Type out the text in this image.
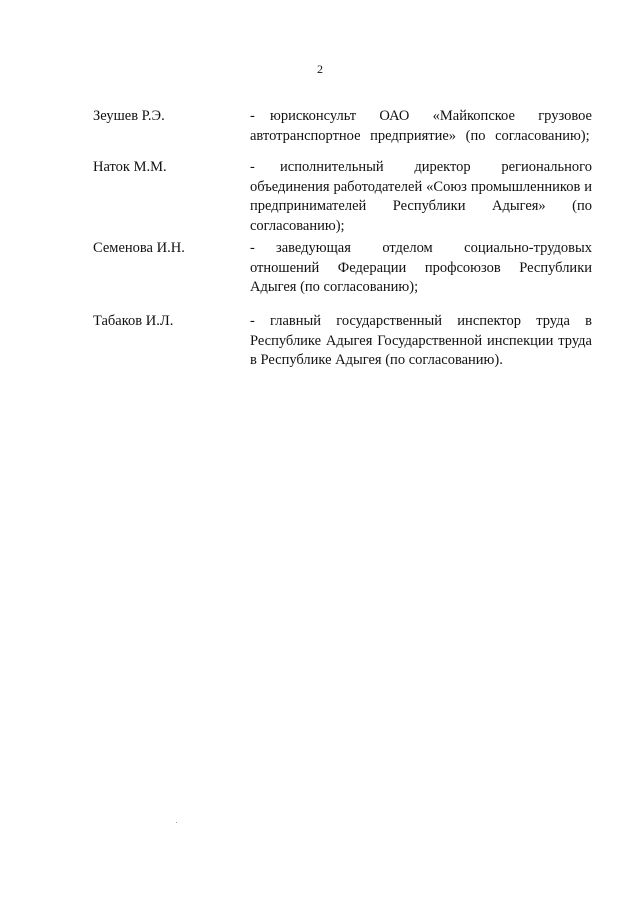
2
Зеушев Р.Э.	- юрисконсульт ОАО «Майкопское грузовое автотранспортное предприятие» (по согласованию);
Наток М.М.	- исполнительный директор регионального объединения работодателей «Союз промышленников и предпринимателей Республики Адыгея» (по согласованию);
Семенова И.Н.	- заведующая отделом социально-трудовых отношений Федерации профсоюзов Республики Адыгея (по согласованию);
Табаков И.Л.	- главный государственный инспектор труда в Республике Адыгея Государственной инспекции труда в Республике Адыгея (по согласованию).
